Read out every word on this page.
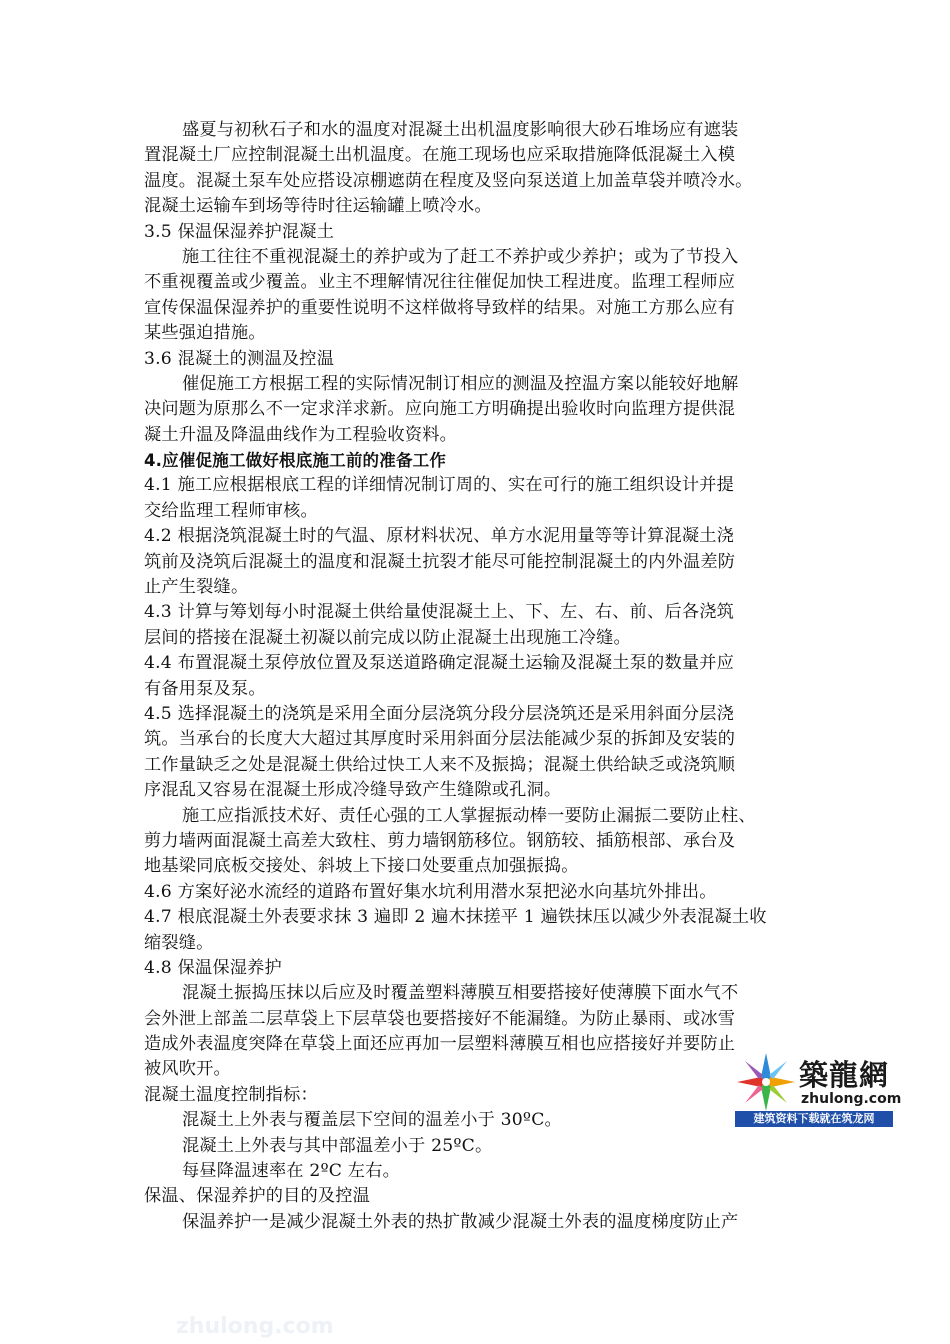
盛夏与初秋石子和水的温度对混凝土出机温度影响很大砂石堆场应有遮装
置混凝土厂应控制混凝土出机温度。在施工现场也应采取措施降低混凝土入模
温度。混凝土泵车处应搭设凉棚遮荫在程度及竖向泵送道上加盖草袋并喷冷水。
混凝土运输车到场等待时往运输罐上喷冷水。
3.5 保温保湿养护混凝土
施工往往不重视混凝土的养护或为了赶工不养护或少养护；或为了节投入
不重视覆盖或少覆盖。业主不理解情况往往催促加快工程进度。监理工程师应
宣传保温保湿养护的重要性说明不这样做将导致样的结果。对施工方那么应有
某些强迫措施。
3.6 混凝土的测温及控温
催促施工方根据工程的实际情况制订相应的测温及控温方案以能较好地解
决问题为原那么不一定求洋求新。应向施工方明确提出验收时向监理方提供混
凝土升温及降温曲线作为工程验收资料。
4.应催促施工做好根底施工前的准备工作
4.1 施工应根据根底工程的详细情况制订周的、实在可行的施工组织设计并提
交给监理工程师审核。
4.2 根据浇筑混凝土时的气温、原材料状况、单方水泥用量等等计算混凝土浇
筑前及浇筑后混凝土的温度和混凝土抗裂才能尽可能控制混凝土的内外温差防
止产生裂缝。
4.3 计算与筹划每小时混凝土供给量使混凝土上、下、左、右、前、后各浇筑
层间的搭接在混凝土初凝以前完成以防止混凝土出现施工冷缝。
4.4 布置混凝土泵停放位置及泵送道路确定混凝土运输及混凝土泵的数量并应
有备用泵及泵。
4.5 选择混凝土的浇筑是采用全面分层浇筑分段分层浇筑还是采用斜面分层浇
筑。当承台的长度大大超过其厚度时采用斜面分层法能减少泵的拆卸及安装的
工作量缺乏之处是混凝土供给过快工人来不及振捣；混凝土供给缺乏或浇筑顺
序混乱又容易在混凝土形成冷缝导致产生缝隙或孔洞。
施工应指派技术好、责任心强的工人掌握振动棒一要防止漏振二要防止柱、
剪力墙两面混凝土高差大致柱、剪力墙钢筋移位。钢筋较、插筋根部、承台及
地基梁同底板交接处、斜坡上下接口处要重点加强振捣。
4.6 方案好泌水流经的道路布置好集水坑利用潜水泵把泌水向基坑外排出。
4.7 根底混凝土外表要求抹 3 遍即 2 遍木抹搓平 1 遍铁抹压以减少外表混凝土收
缩裂缝。
4.8 保温保湿养护
混凝土振捣压抹以后应及时覆盖塑料薄膜互相要搭接好使薄膜下面水气不
会外泄上部盖二层草袋上下层草袋也要搭接好不能漏缝。为防止暴雨、或冰雪
造成外表温度突降在草袋上面还应再加一层塑料薄膜互相也应搭接好并要防止
被风吹开。
混凝土温度控制指标：
混凝土上外表与覆盖层下空间的温差小于 30ºC。
混凝土上外表与其中部温差小于 25ºC。
每昼降温速率在 2ºC 左右。
保温、保湿养护的目的及控温
保温养护一是减少混凝土外表的热扩散减少混凝土外表的温度梯度防止产
築龍網
zhulong.com
建筑资料下载就在筑龙网
zhulong.com
